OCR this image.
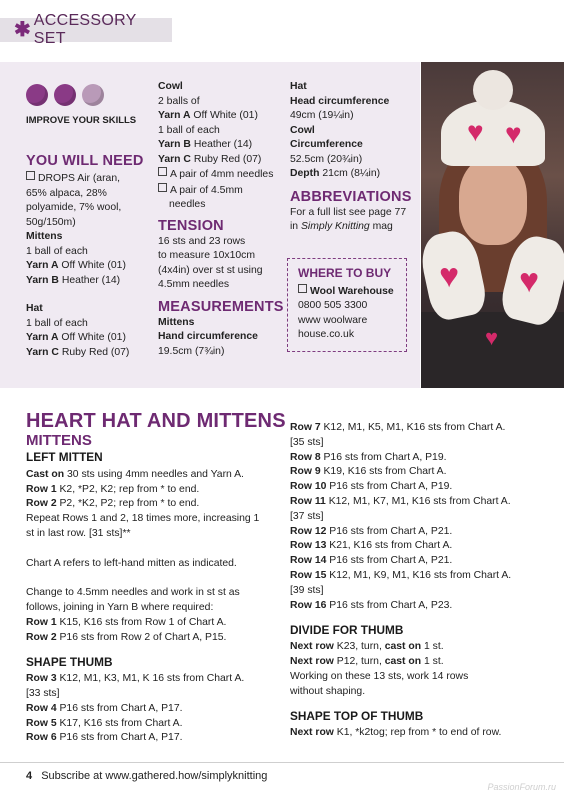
✱ ACCESSORY SET
IMPROVE YOUR SKILLS
YOU WILL NEED
DROPS Air (aran,
65% alpaca, 28%
polyamide, 7% wool,
50g/150m)
Mittens
1 ball of each
Yarn A Off White (01)
Yarn B Heather (14)
Hat
1 ball of each
Yarn A Off White (01)
Yarn C Ruby Red (07)
Cowl
2 balls of
Yarn A Off White (01)
1 ball of each
Yarn B Heather (14)
Yarn C Ruby Red (07)
A pair of 4mm needles
A pair of 4.5mm
needles
TENSION
16 sts and 23 rows
to measure 10x10cm
(4x4in) over st st using
4.5mm needles
MEASUREMENTS
Mittens
Hand circumference
19.5cm (7¾in)
Hat
Head circumference
49cm (19¼in)
Cowl
Circumference
52.5cm (20¾in)
Depth 21cm (8¼in)
ABBREVIATIONS
For a full list see page 77
in Simply Knitting mag
WHERE TO BUY
Wool Warehouse
0800 505 3300
www woolware
house.co.uk
♥ ♥
♥ ♥
♥
HEART HAT AND MITTENS
MITTENS
LEFT MITTEN
Cast on 30 sts using 4mm needles and Yarn A.
Row 1 K2, *P2, K2; rep from * to end.
Row 2 P2, *K2, P2; rep from * to end.
Repeat Rows 1 and 2, 18 times more, increasing 1
st in last row. [31 sts]**
Chart A refers to left-hand mitten as indicated.
Change to 4.5mm needles and work in st st as
follows, joining in Yarn B where required:
Row 1 K15, K16 sts from Row 1 of Chart A.
Row 2 P16 sts from Row 2 of Chart A, P15.
SHAPE THUMB
Row 3 K12, M1, K3, M1, K 16 sts from Chart A.
[33 sts]
Row 4 P16 sts from Chart A, P17.
Row 5 K17, K16 sts from Chart A.
Row 6 P16 sts from Chart A, P17.
Row 7 K12, M1, K5, M1, K16 sts from Chart A.
[35 sts]
Row 8 P16 sts from Chart A, P19.
Row 9 K19, K16 sts from Chart A.
Row 10 P16 sts from Chart A, P19.
Row 11 K12, M1, K7, M1, K16 sts from Chart A.
[37 sts]
Row 12 P16 sts from Chart A, P21.
Row 13 K21, K16 sts from Chart A.
Row 14 P16 sts from Chart A, P21.
Row 15 K12, M1, K9, M1, K16 sts from Chart A.
[39 sts]
Row 16 P16 sts from Chart A, P23.
DIVIDE FOR THUMB
Next row K23, turn, cast on 1 st.
Next row P12, turn, cast on 1 st.
Working on these 13 sts, work 14 rows
without shaping.
SHAPE TOP OF THUMB
Next row K1, *k2tog; rep from * to end of row.
4 Subscribe at www.gathered.how/simplyknitting
PassionForum.ru
